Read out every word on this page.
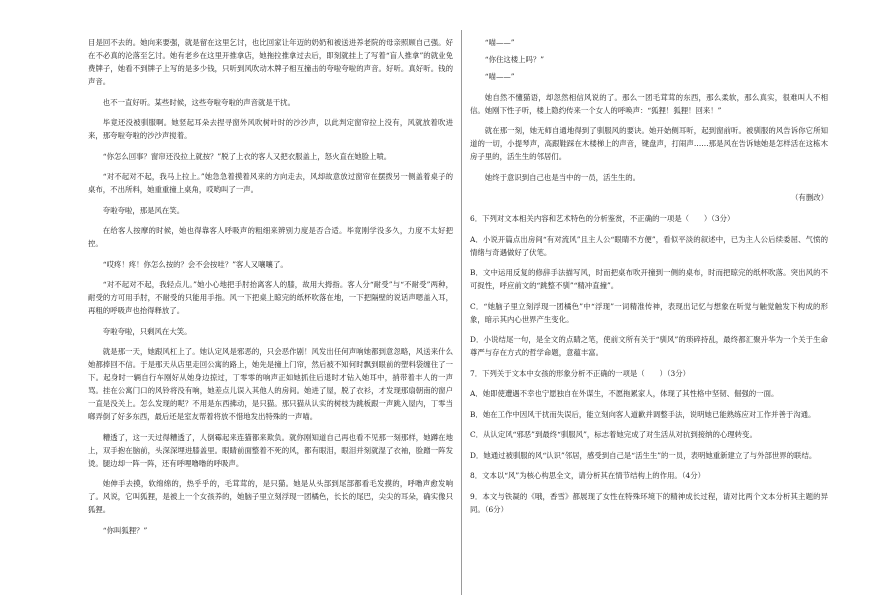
目是回不去的。她向来要强，就是留在这里乞讨，也比回家让年迈的奶奶和被送进养老院的母亲照顾自己强。好在不必真的沦落至乞讨。她有老乡在这里开推拿店，她拖拉推拿过去后，即刻就挂上了写着“盲人推拿”的就业免费牌子，她看不到牌子上写的是多少钱，只听到风吹动木牌子相互撞击的夸啦夸啦的声音。好听。真好听。钱的声音。

也不一直好听。某些时候，这些夸啦夸啦的声音就是干扰。

毕竟还没被驯服啊。她竖起耳朵去捏寻窗外风吹树叶时的沙沙声，以此判定窗帘拉上没有，风就放着吹进来，那夸啦夸啦的沙沙声搅着。

“你怎么回事？窗帘还没拉上就按？”脱了上衣的客人又把衣服盖上，怒火直在她脸上喷。

“对不起对不起，我马上拉上。”她急急着摸着风来的方向走去，风却故意放过窗帘在摆拨另一侧盖着桌子的桌布，不出所料，她重重撞上桌角，哎哟叫了一声。

夸啦夸啦，那是风在笑。

在给客人按摩的时候，她也得靠客人呼吸声的粗细来辨别力度是否合适。毕竟刚学没多久，力度不太好把控。

“哎疼！疼！你怎么按的？会不会按哇？”客人又嚷嚷了。

“对不起对不起，我轻点儿。”她小心地把手肘抬离客人的膝，故用大拇指。客人分“耐受”与“不耐受”两种，耐受的方可用手肘，不耐受的只能用手指。风一下把桌上晾完的纸杯吹落在地，一下把隔壁的说话声嗯盖入耳，再粗的呼吸声也抬得释放了。

夸啦夸啦，只剩风在大笑。

就是那一天，她跟风杠上了。她认定风是邪恶的，只会恶作剧！风发出任何声响她都到意忽略，风送来什么她都捧回不信。于是那天从店里走回公寓的路上，她先是撞上门帘，然后被不知何时飘到眼前的塑料袋缠住了一下。起身时一辆自行车刚好从她身边掠过，丁零零的响声正如她抓住后退时才钻入她耳中，捎带着丰人的一声骂。挂在公寓门口的风铃将没有响，她差点儿误入其他人的房间。她进了屋，脱了衣衫，才发现那扇朝南的窗户一直是没关上。怎么发现的呢？不用是东西拂动，是只猫。那只猫从认实的树枝为跳板跟一声跳入屋内，丁零当啷弄倒了好多东西，最后还是室友帮着将放不惜地发出特殊的一声喵。

糟透了，这一天过得糟透了，人倒霉起来连猫都来欺负。就你刚知道自己再也看不见那一刻那样，她蹲在地上，双手抱在脑前，头深深埋进膝盖里。眼睛前面整着不死的风，都有眼泪，眼泪并刻就湿了衣袖，脸蹭一阵发烫。腿边却一阵一阵，还有呼哩噜噜的呼吸声。

她伸手去摸，软绵绵的，热乎乎的，毛茸茸的，是只猫。她是从头部到尾部都看毛发摸的，呼噜声愈发响了。风说，它叫狐狸，是被上一个女孩养的，她脑子里立刻浮现一团橘色，长长的尾巴，尖尖的耳朵，确实像只狐狸。

“你叫狐狸？”

“喵——”

“你住这楼上吗？”

“喵——”

她自然不懂猫语，却忽然相信风说的了。那么一团毛茸茸的东西，那么柔软，那么真实，很难叫人不相信。她刚下性子听，楼上隐约传来一个女人的呼唤声：“狐狸！狐狸！回来！”

就在那一刻，她无师自通地得到了驯服风的要诀。她开始侧耳听，起到窗前听。被驯服的风告诉你它所知道的一切，小提琴声，高跟鞋踩在木楼梯上的声音，键盘声，打闹声……那是风在告诉她她是怎样活在这栋木房子里的，活生生的邻居们。

她终于意识到自己也是当中的一员，活生生的。

（有删改）

6．下列对文本相关内容和艺术特色的分析鉴赏，不正确的一项是（　　）（3分）

A．小说开篇点出房间“有对流风”且主人公“眼睛不方便”，看似平淡的叙述中，已为主人公后续委屈、气愤的情绪与奇遇做好了伏笔。

B．文中运用反复的修辞手法描写风，时而把桌布吹开撞到一侧的桌布，时而把晾完的纸杯吹落。突出风的不可捉性，呼应前文的“跳整不驯”“精冲直撞”。

C．“她脑子里立刻浮现一团橘色”中“浮现”一词精准传神，表现出记忆与想象在听觉与触觉触发下构成的形象，暗示其内心世界产生变化。

D．小说结尾一句，是全文的点睛之笔，使前文所有关于“驯风”的琐碎持乱，最终都汇聚升华为一个关于生命尊严与存在方式的哲学命题，意蕴丰富。

7．下列关于文本中女孩的形象分析不正确的一项是（　　）（3分）

A．她即使遭遇不幸也宁愿独自在外谋生，不愿拖累家人，体现了其性格中坚韧、倔强的一面。

B．她在工作中因风干扰而失误后，能立刻向客人道歉并调整手法，说明她已能熟练应对工作并善于沟通。

C．从认定风“邪恶”到最终“驯服风”，标志着她完成了对生活从对抗到接纳的心理转变。

D．她通过被驯服的风“认识”邻居，感受到自己是“活生生”的一员，表明她重新建立了与外部世界的联结。

8．文本以“风”为核心构思全文，请分析其在情节结构上的作用。（4分）

9．本文与铁凝的《哦，香雪》都展现了女性在特殊环境下的精神成长过程，请对比两个文本分析其主题的异同。（6分）
